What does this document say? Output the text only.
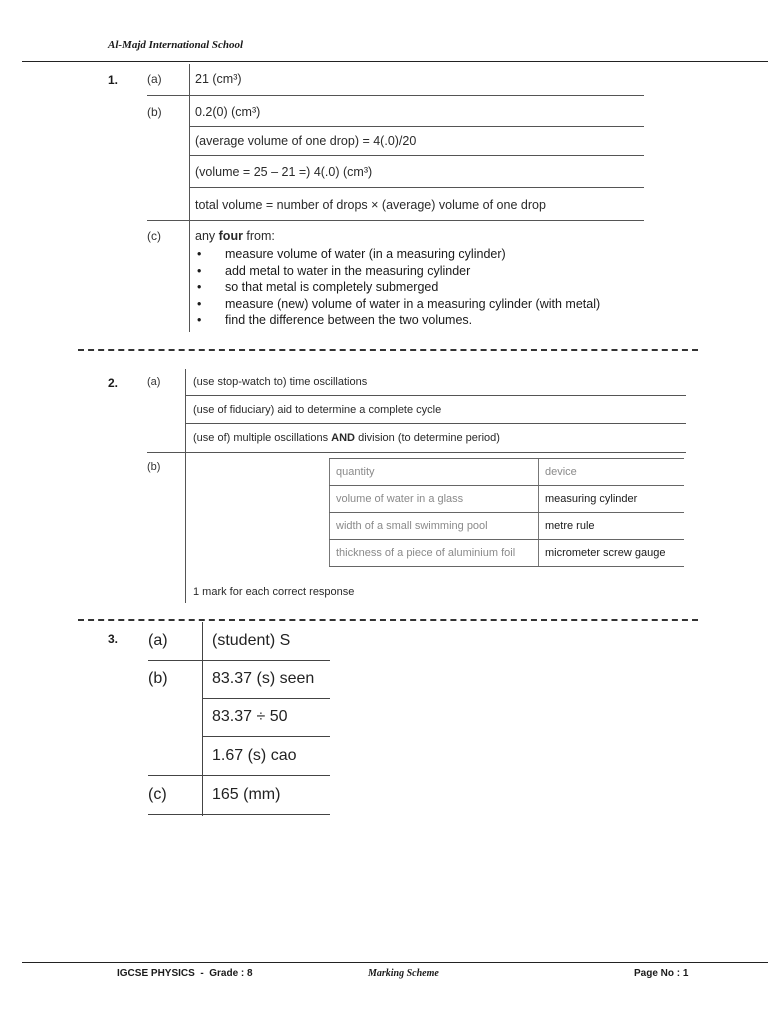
Al-Majd International School
1. (a)	21 (cm³)
(b)	0.2(0) (cm³)
(average volume of one drop) = 4(.0)/20
(volume = 25 – 21 =) 4(.0) (cm³)
total volume = number of drops × (average) volume of one drop
(c)	any four from:
• measure volume of water (in a measuring cylinder)
• add metal to water in the measuring cylinder
• so that metal is completely submerged
• measure (new) volume of water in a measuring cylinder (with metal)
• find the difference between the two volumes.
2.	(a)	(use stop-watch to) time oscillations
(use of fiduciary) aid to determine a complete cycle
(use of) multiple oscillations AND division (to determine period)
(b)	quantity	device
volume of water in a glass	measuring cylinder
width of a small swimming pool	metre rule
thickness of a piece of aluminium foil	micrometer screw gauge
1 mark for each correct response
3. (a)	(student) S
(b)	83.37 (s) seen
83.37 ÷ 50
1.67 (s) cao
(c)	165 (mm)
IGCSE PHYSICS  -  Grade : 8	Marking Scheme	Page No : 1
